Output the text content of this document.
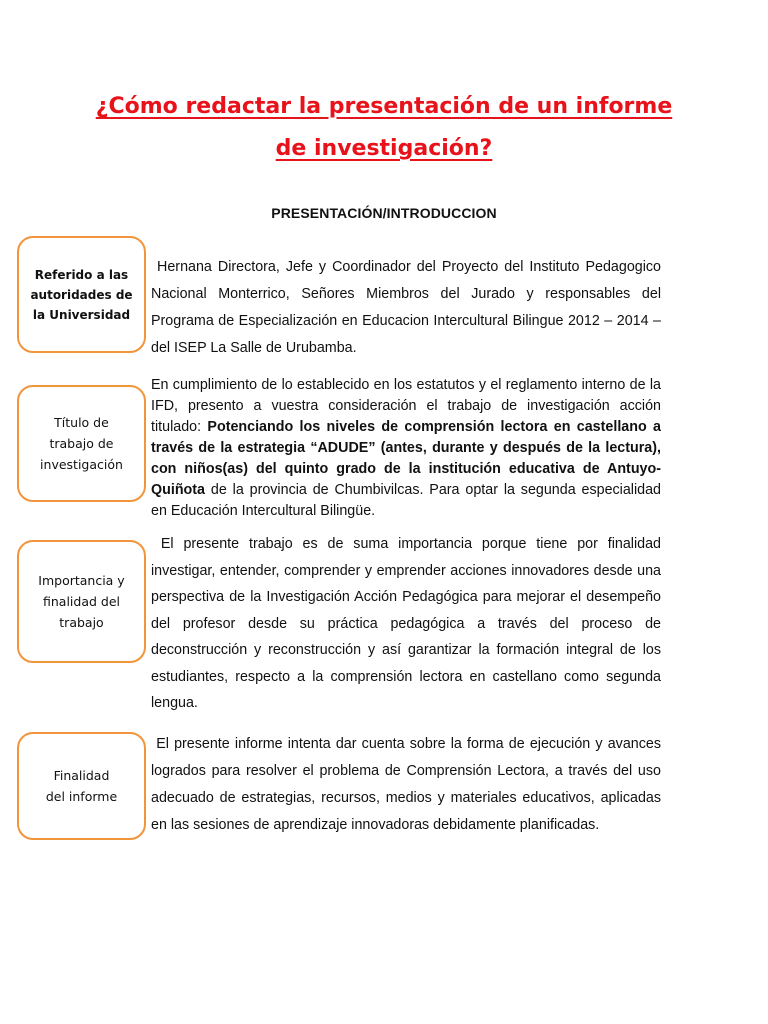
¿Cómo redactar la presentación de un informe
de investigación?
PRESENTACIÓN/INTRODUCCION
Referido a las
autoridades de
la Universidad

Hernana Directora, Jefe y Coordinador del Proyecto del Instituto Pedagogico Nacional Monterrico, Señores Miembros del Jurado y responsables del Programa de Especialización en Educacion Intercultural Bilingue 2012 – 2014 – del ISEP La Salle de Urubamba.

Título de
trabajo de
investigación

En cumplimiento de lo establecido en los estatutos y el reglamento interno de la IFD, presento a vuestra consideración el trabajo de investigación acción titulado: Potenciando los niveles de comprensión lectora en castellano a través de la estrategia “ADUDE” (antes, durante y después de la lectura), con niños(as) del quinto grado de la institución educativa de Antuyo-Quiñota de la provincia de Chumbivilcas. Para optar la segunda especialidad en Educación Intercultural Bilingüe.

Importancia y
finalidad del
trabajo

El presente trabajo es de suma importancia porque tiene por finalidad investigar, entender, comprender y emprender acciones innovadores desde una perspectiva de la Investigación Acción Pedagógica para mejorar el desempeño del profesor desde su práctica pedagógica a través del proceso de deconstrucción y reconstrucción y así garantizar la formación integral de los estudiantes, respecto a la comprensión lectora en castellano como segunda lengua.

Finalidad
del informe

El presente informe intenta dar cuenta sobre la forma de ejecución y avances logrados para resolver el problema de Comprensión Lectora, a través del uso adecuado de estrategias, recursos, medios y materiales educativos, aplicadas en las sesiones de aprendizaje innovadoras debidamente planificadas.
